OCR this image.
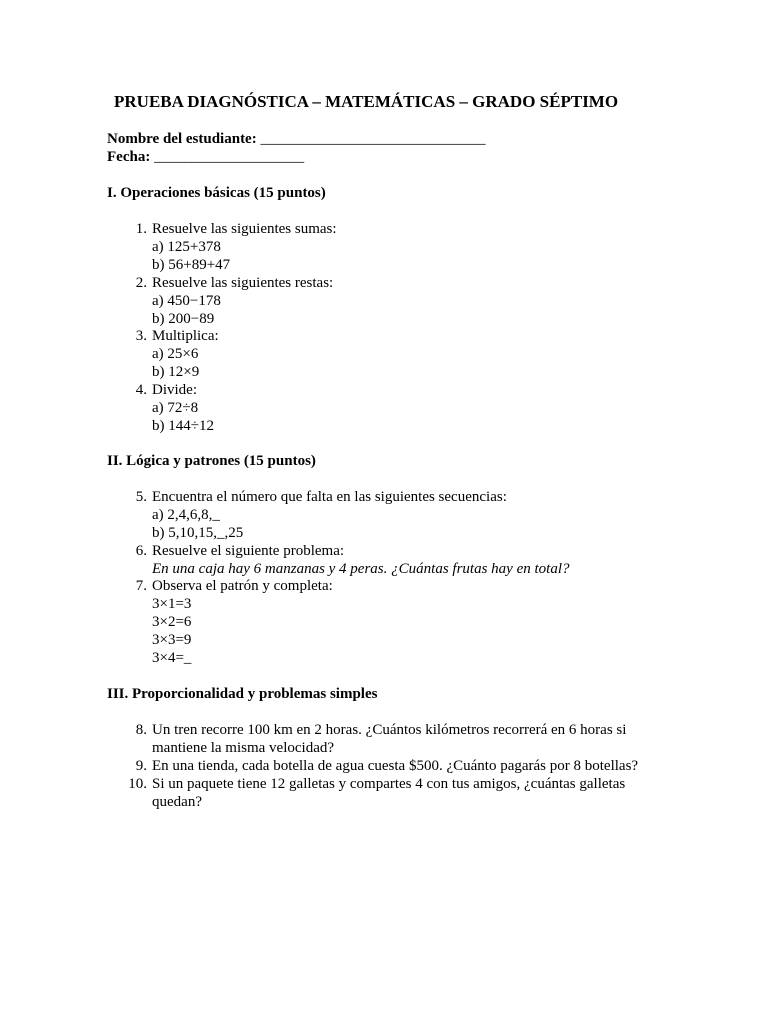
PRUEBA DIAGNÓSTICA – MATEMÁTICAS – GRADO SÉPTIMO
Nombre del estudiante: ______________________________
Fecha: ____________________
I. Operaciones básicas (15 puntos)
1. Resuelve las siguientes sumas:
a) 125+378
b) 56+89+47
2. Resuelve las siguientes restas:
a) 450−178
b) 200−89
3. Multiplica:
a) 25×6
b) 12×9
4. Divide:
a) 72÷8
b) 144÷12
II. Lógica y patrones (15 puntos)
5. Encuentra el número que falta en las siguientes secuencias:
a) 2,4,6,8,_
b) 5,10,15,_,25
6. Resuelve el siguiente problema:
En una caja hay 6 manzanas y 4 peras. ¿Cuántas frutas hay en total?
7. Observa el patrón y completa:
3×1=3
3×2=6
3×3=9
3×4=_
III. Proporcionalidad y problemas simples
8. Un tren recorre 100 km en 2 horas. ¿Cuántos kilómetros recorrerá en 6 horas si mantiene la misma velocidad?
9. En una tienda, cada botella de agua cuesta $500. ¿Cuánto pagarás por 8 botellas?
10. Si un paquete tiene 12 galletas y compartes 4 con tus amigos, ¿cuántas galletas quedan?
